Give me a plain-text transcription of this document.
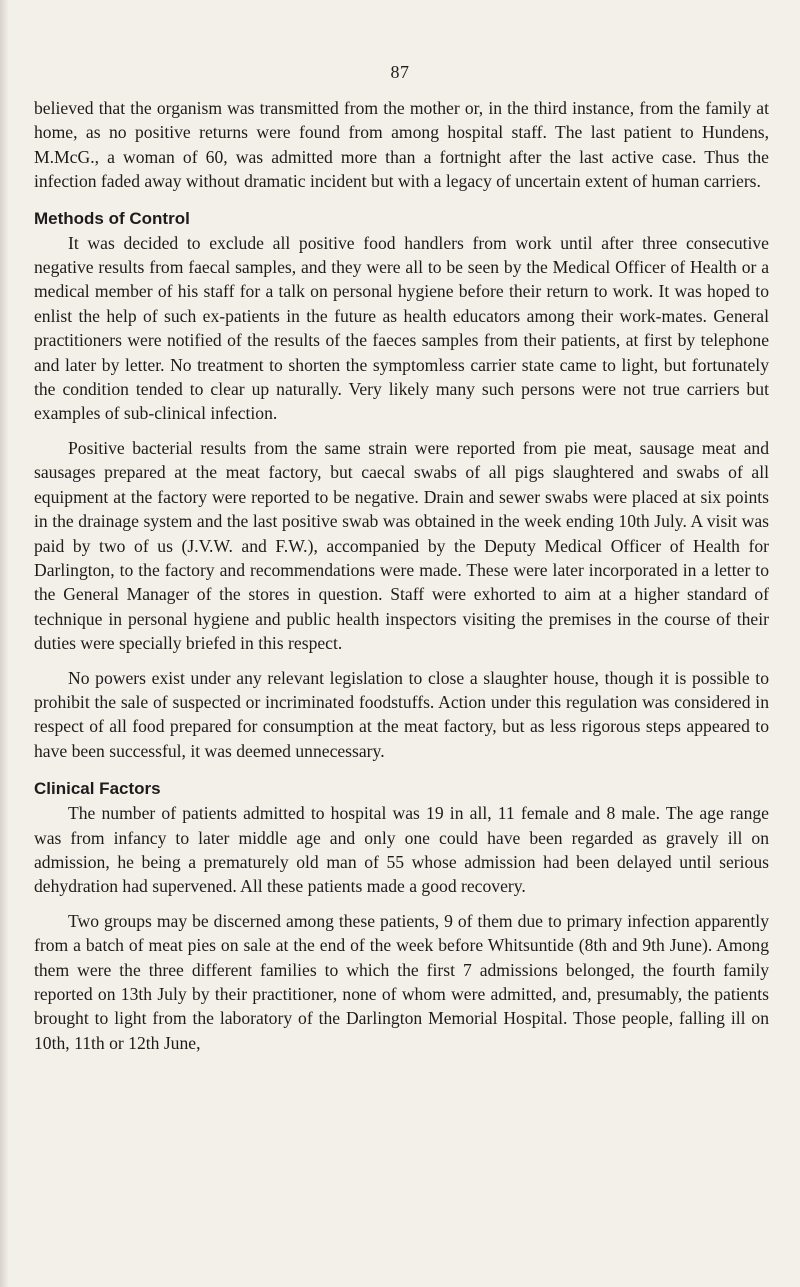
87

believed that the organism was transmitted from the mother or, in the third instance, from the family at home, as no positive returns were found from among hospital staff. The last patient to Hundens, M.McG., a woman of 60, was admitted more than a fortnight after the last active case. Thus the infection faded away without dramatic incident but with a legacy of uncertain extent of human carriers.

Methods of Control

It was decided to exclude all positive food handlers from work until after three consecutive negative results from faecal samples, and they were all to be seen by the Medical Officer of Health or a medical member of his staff for a talk on personal hygiene before their return to work. It was hoped to enlist the help of such ex-patients in the future as health educators among their work-mates. General practitioners were notified of the results of the faeces samples from their patients, at first by telephone and later by letter. No treatment to shorten the symptomless carrier state came to light, but fortunately the condition tended to clear up naturally. Very likely many such persons were not true carriers but examples of sub-clinical infection.

Positive bacterial results from the same strain were reported from pie meat, sausage meat and sausages prepared at the meat factory, but caecal swabs of all pigs slaughtered and swabs of all equipment at the factory were reported to be negative. Drain and sewer swabs were placed at six points in the drainage system and the last positive swab was obtained in the week ending 10th July. A visit was paid by two of us (J.V.W. and F.W.), accompanied by the Deputy Medical Officer of Health for Darlington, to the factory and recommendations were made. These were later incorporated in a letter to the General Manager of the stores in question. Staff were exhorted to aim at a higher standard of technique in personal hygiene and public health inspectors visiting the premises in the course of their duties were specially briefed in this respect.

No powers exist under any relevant legislation to close a slaughter house, though it is possible to prohibit the sale of suspected or incriminated foodstuffs. Action under this regulation was considered in respect of all food prepared for consumption at the meat factory, but as less rigorous steps appeared to have been successful, it was deemed unnecessary.

Clinical Factors

The number of patients admitted to hospital was 19 in all, 11 female and 8 male. The age range was from infancy to later middle age and only one could have been regarded as gravely ill on admission, he being a prematurely old man of 55 whose admission had been delayed until serious dehydration had supervened. All these patients made a good recovery.

Two groups may be discerned among these patients, 9 of them due to primary infection apparently from a batch of meat pies on sale at the end of the week before Whitsuntide (8th and 9th June). Among them were the three different families to which the first 7 admissions belonged, the fourth family reported on 13th July by their practitioner, none of whom were admitted, and, presumably, the patients brought to light from the laboratory of the Darlington Memorial Hospital. Those people, falling ill on 10th, 11th or 12th June,
